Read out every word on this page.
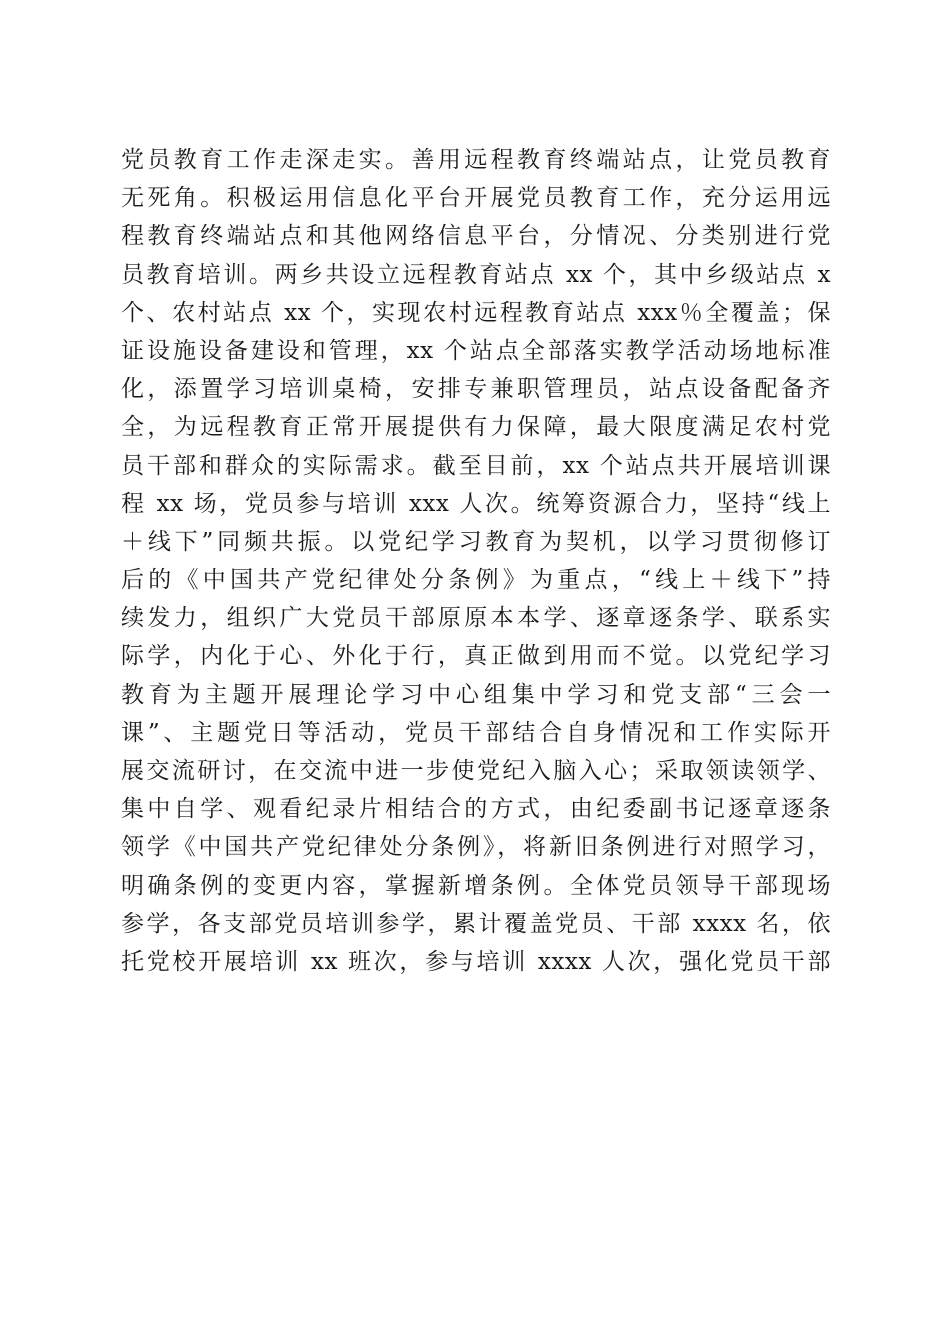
党员教育工作走深走实。善用远程教育终端站点，让党员教育
无死角。积极运用信息化平台开展党员教育工作，充分运用远
程教育终端站点和其他网络信息平台，分情况、分类别进行党
员教育培训。两乡共设立远程教育站点 xx 个，其中乡级站点 x
个、农村站点 xx 个，实现农村远程教育站点 xxx％全覆盖；保
证设施设备建设和管理，xx 个站点全部落实教学活动场地标准
化，添置学习培训桌椅，安排专兼职管理员，站点设备配备齐
全，为远程教育正常开展提供有力保障，最大限度满足农村党
员干部和群众的实际需求。截至目前，xx 个站点共开展培训课
程 xx 场，党员参与培训 xxx 人次。统筹资源合力，坚持“线上
＋线下”同频共振。以党纪学习教育为契机，以学习贯彻修订
后的《中国共产党纪律处分条例》为重点，“线上＋线下”持
续发力，组织广大党员干部原原本本学、逐章逐条学、联系实
际学，内化于心、外化于行，真正做到用而不觉。以党纪学习
教育为主题开展理论学习中心组集中学习和党支部“三会一
课”、主题党日等活动，党员干部结合自身情况和工作实际开
展交流研讨，在交流中进一步使党纪入脑入心；采取领读领学、
集中自学、观看纪录片相结合的方式，由纪委副书记逐章逐条
领学《中国共产党纪律处分条例》，将新旧条例进行对照学习，
明确条例的变更内容，掌握新增条例。全体党员领导干部现场
参学，各支部党员培训参学，累计覆盖党员、干部 xxxx 名，依
托党校开展培训 xx 班次，参与培训 xxxx 人次，强化党员干部
